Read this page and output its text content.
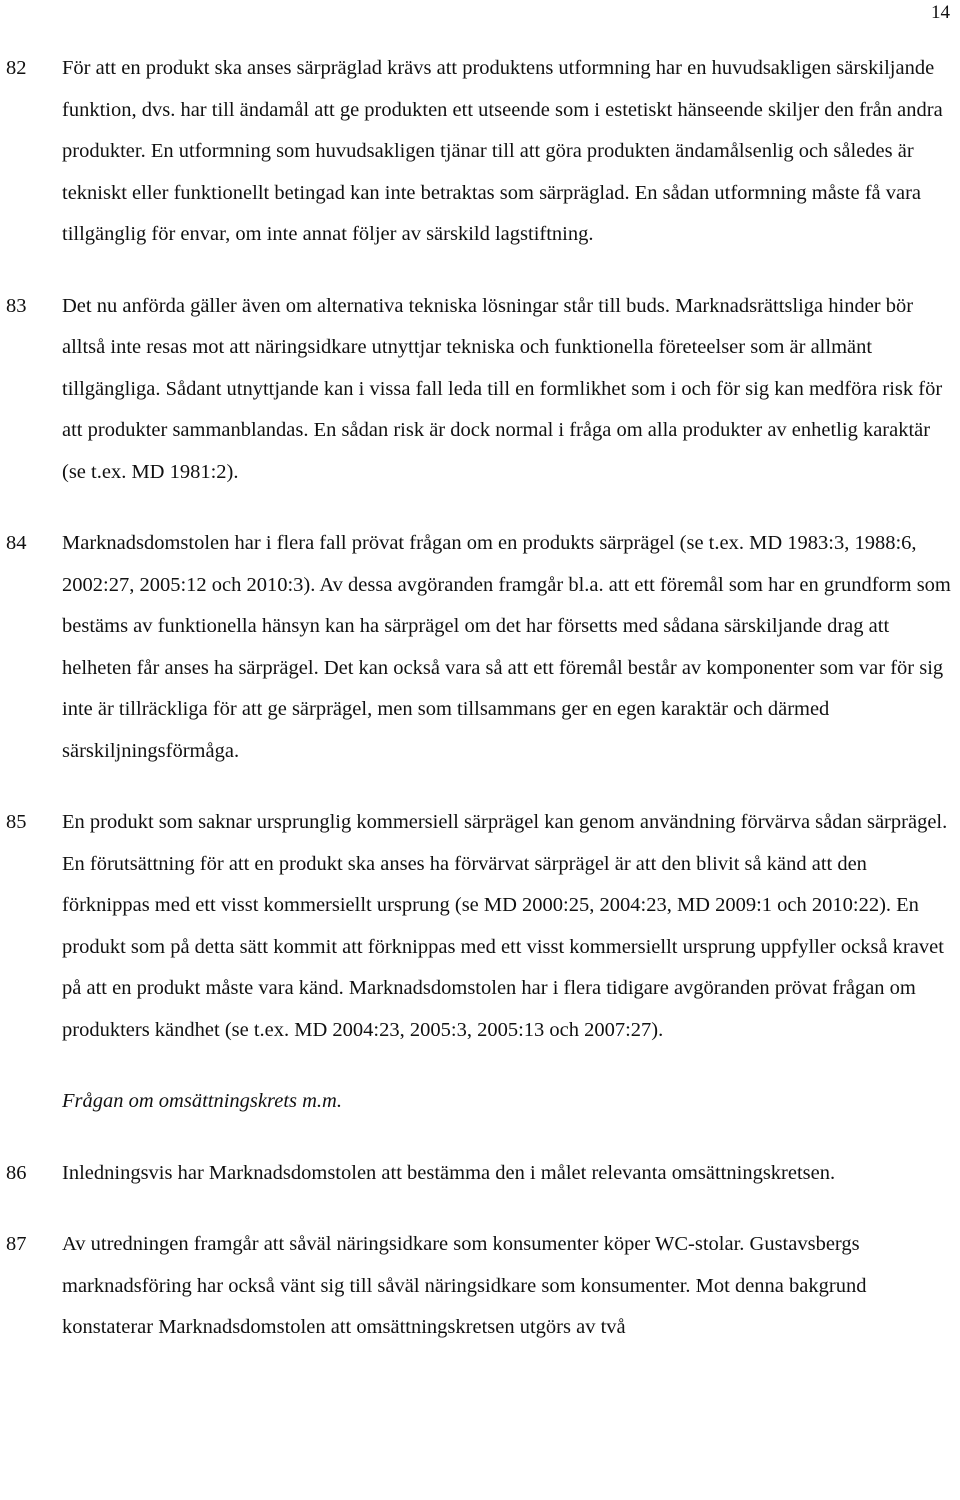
14
82 För att en produkt ska anses särpräglad krävs att produktens utformning har en huvudsakligen särskiljande funktion, dvs. har till ändamål att ge produkten ett utseende som i estetiskt hänseende skiljer den från andra produkter. En utformning som huvudsakligen tjänar till att göra produkten ändamålsenlig och således är tekniskt eller funktionellt betingad kan inte betraktas som särpräglad. En sådan utformning måste få vara tillgänglig för envar, om inte annat följer av särskild lagstiftning.
83 Det nu anförda gäller även om alternativa tekniska lösningar står till buds. Marknadsrättsliga hinder bör alltså inte resas mot att näringsidkare utnyttjar tekniska och funktionella företeelser som är allmänt tillgängliga. Sådant utnyttjande kan i vissa fall leda till en formlikhet som i och för sig kan medföra risk för att produkter sammanblandas. En sådan risk är dock normal i fråga om alla produkter av enhetlig karaktär (se t.ex. MD 1981:2).
84 Marknadsdomstolen har i flera fall prövat frågan om en produkts särprägel (se t.ex. MD 1983:3, 1988:6, 2002:27, 2005:12 och 2010:3). Av dessa avgöranden framgår bl.a. att ett föremål som har en grundform som bestäms av funktionella hänsyn kan ha särprägel om det har försetts med sådana särskiljande drag att helheten får anses ha särprägel. Det kan också vara så att ett föremål består av komponenter som var för sig inte är tillräckliga för att ge särprägel, men som tillsammans ger en egen karaktär och därmed särskiljningsförmåga.
85 En produkt som saknar ursprunglig kommersiell särprägel kan genom användning förvärva sådan särprägel. En förutsättning för att en produkt ska anses ha förvärvat särprägel är att den blivit så känd att den förknippas med ett visst kommersiellt ursprung (se MD 2000:25, 2004:23, MD 2009:1 och 2010:22). En produkt som på detta sätt kommit att förknippas med ett visst kommersiellt ursprung uppfyller också kravet på att en produkt måste vara känd. Marknadsdomstolen har i flera tidigare avgöranden prövat frågan om produkters kändhet (se t.ex. MD 2004:23, 2005:3, 2005:13 och 2007:27).
Frågan om omsättningskrets m.m.
86 Inledningsvis har Marknadsdomstolen att bestämma den i målet relevanta omsättningskretsen.
87 Av utredningen framgår att såväl näringsidkare som konsumenter köper WC-stolar. Gustavsbergs marknadsföring har också vänt sig till såväl näringsidkare som konsumenter. Mot denna bakgrund konstaterar Marknadsdomstolen att omsättningskretsen utgörs av två
